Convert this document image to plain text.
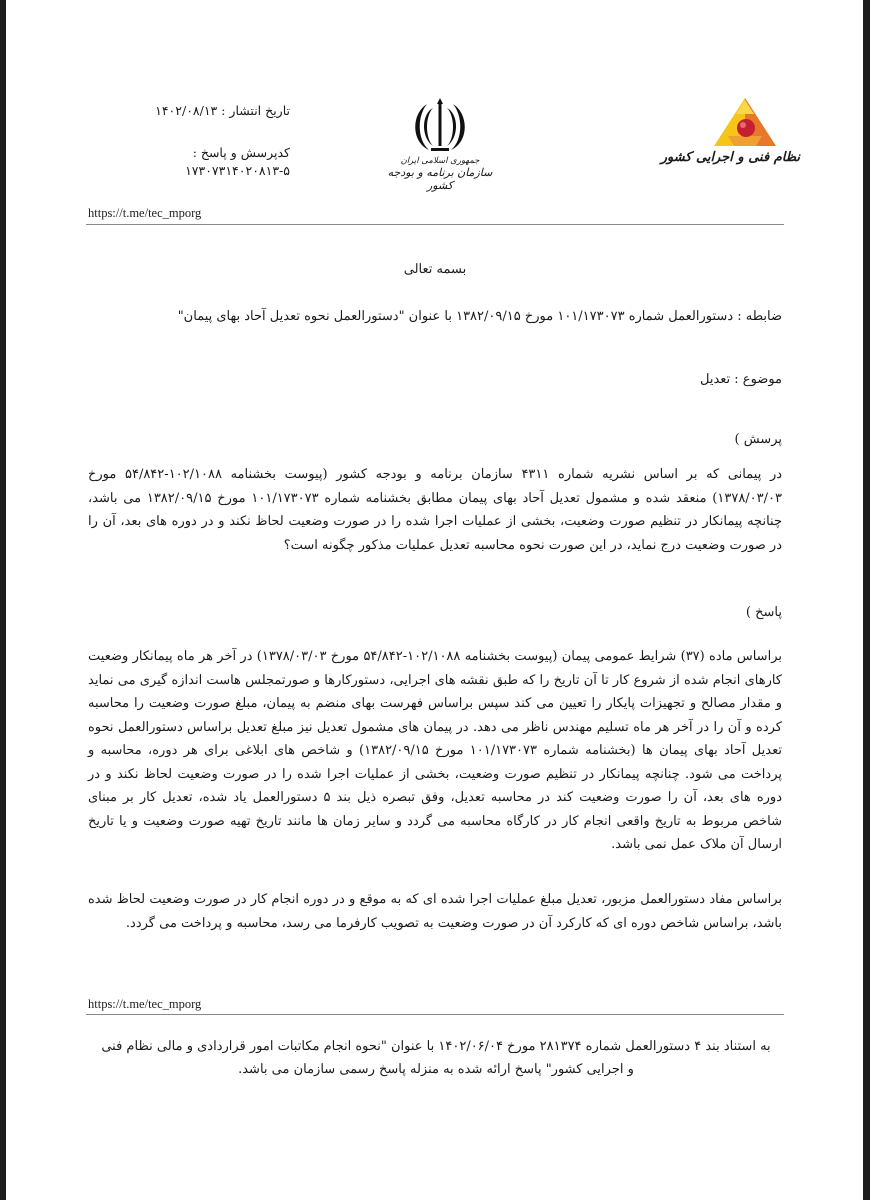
تاریخ انتشار : ۱۴۰۲/۰۸/۱۳
کدپرسش و پاسخ :
۱۷۳۰۷۳۱۴۰۲۰۸۱۳-۵
جمهوری اسلامی ایران
سازمان برنامه و بودجه کشور
نظام فنی و اجرایی کشور
https://t.me/tec_mporg
بسمه تعالی
ضابطه : دستورالعمل شماره ۱۰۱/۱۷۳۰۷۳ مورخ ۱۳۸۲/۰۹/۱۵ با عنوان "دستورالعمل نحوه تعدیل آحاد بهای پیمان"
موضوع : تعدیل
پرسش )
در پیمانی که بر اساس نشریه شماره ۴۳۱۱ سازمان برنامه و بودجه کشور (پیوست بخشنامه ۱۰۲/۱۰۸۸-۵۴/۸۴۲ مورخ ۱۳۷۸/۰۳/۰۳) منعقد شده و مشمول تعدیل آحاد بهای پیمان مطابق بخشنامه شماره ۱۰۱/۱۷۳۰۷۳ مورخ ۱۳۸۲/۰۹/۱۵ می باشد، چنانچه پیمانکار در تنظیم صورت وضعیت، بخشی از عملیات اجرا شده را در صورت وضعیت لحاظ نکند و در دوره های بعد، آن را در صورت وضعیت درج نماید، در این صورت نحوه محاسبه تعدیل عملیات مذکور چگونه است؟
پاسخ )
براساس ماده (۳۷) شرایط عمومی پیمان (پیوست بخشنامه ۱۰۲/۱۰۸۸-۵۴/۸۴۲ مورخ ۱۳۷۸/۰۳/۰۳) در آخر هر ماه پیمانکار وضعیت کارهای انجام شده از شروع کار تا آن تاریخ را که طبق نقشه های اجرایی، دستورکارها و صورتمجلس هاست اندازه گیری می نماید و مقدار مصالح و تجهیزات پایکار را تعیین می کند سپس براساس فهرست بهای منضم به پیمان، مبلغ صورت وضعیت را محاسبه کرده و آن را در آخر هر ماه تسلیم مهندس ناظر می دهد. در پیمان های مشمول تعدیل نیز مبلغ تعدیل براساس دستورالعمل نحوه تعدیل آحاد بهای پیمان ها (بخشنامه شماره ۱۰۱/۱۷۳۰۷۳ مورخ ۱۳۸۲/۰۹/۱۵) و شاخص های ابلاغی برای هر دوره، محاسبه و پرداخت می شود. چنانچه پیمانکار در تنظیم صورت وضعیت، بخشی از عملیات اجرا شده را در صورت وضعیت لحاظ نکند و در دوره های بعد، آن را صورت وضعیت کند در محاسبه تعدیل، وفق تبصره ذیل بند ۵ دستورالعمل یاد شده، تعدیل کار بر مبنای شاخص مربوط به تاریخ واقعی انجام کار در کارگاه محاسبه می گردد و سایر زمان ها مانند تاریخ تهیه صورت وضعیت و یا تاریخ ارسال آن ملاک عمل نمی باشد.
براساس مفاد دستورالعمل مزبور، تعدیل مبلغ عملیات اجرا شده ای که به موقع و در دوره انجام کار در صورت وضعیت لحاظ شده باشد، براساس شاخص دوره ای که کارکرد آن در صورت وضعیت به تصویب کارفرما می رسد، محاسبه و پرداخت می گردد.
https://t.me/tec_mporg
به استناد بند ۴ دستورالعمل شماره ۲۸۱۳۷۴ مورخ ۱۴۰۲/۰۶/۰۴ با عنوان "نحوه انجام مکاتبات امور قراردادی و مالی نظام فنی و اجرایی کشور" پاسخ ارائه شده به منزله پاسخ رسمی سازمان می باشد.
